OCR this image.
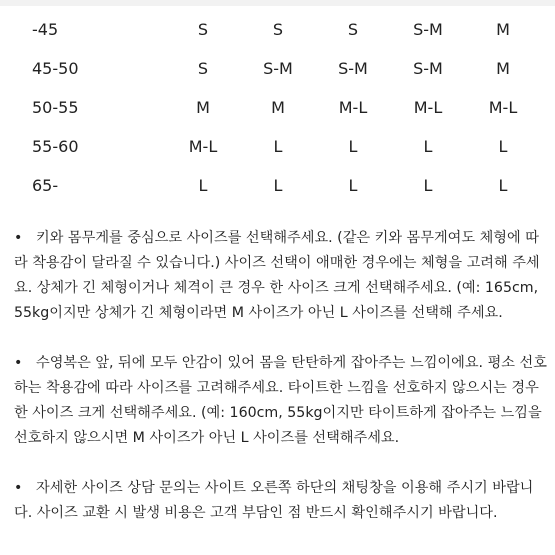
-45	S	S	S	S-M	M
45-50	S	S-M	S-M	S-M	M
50-55	M	M	M-L	M-L	M-L
55-60	M-L	L	L	L	L
65-	L	L	L	L	L

• 키와 몸무게를 중심으로 사이즈를 선택해주세요. (같은 키와 몸무게여도 체형에 따라 착용감이 달라질 수 있습니다.) 사이즈 선택이 애매한 경우에는 체형을 고려해 주세요. 상체가 긴 체형이거나 체격이 큰 경우 한 사이즈 크게 선택해주세요. (예: 165cm, 55kg이지만 상체가 긴 체형이라면 M 사이즈가 아닌 L 사이즈를 선택해 주세요.

• 수영복은 앞, 뒤에 모두 안감이 있어 몸을 탄탄하게 잡아주는 느낌이에요. 평소 선호하는 착용감에 따라 사이즈를 고려해주세요. 타이트한 느낌을 선호하지 않으시는 경우 한 사이즈 크게 선택해주세요. (예: 160cm, 55kg이지만 타이트하게 잡아주는 느낌을 선호하지 않으시면 M 사이즈가 아닌 L 사이즈를 선택해주세요.

• 자세한 사이즈 상담 문의는 사이트 오른쪽 하단의 채팅창을 이용해 주시기 바랍니다. 사이즈 교환 시 발생 비용은 고객 부담인 점 반드시 확인해주시기 바랍니다.
